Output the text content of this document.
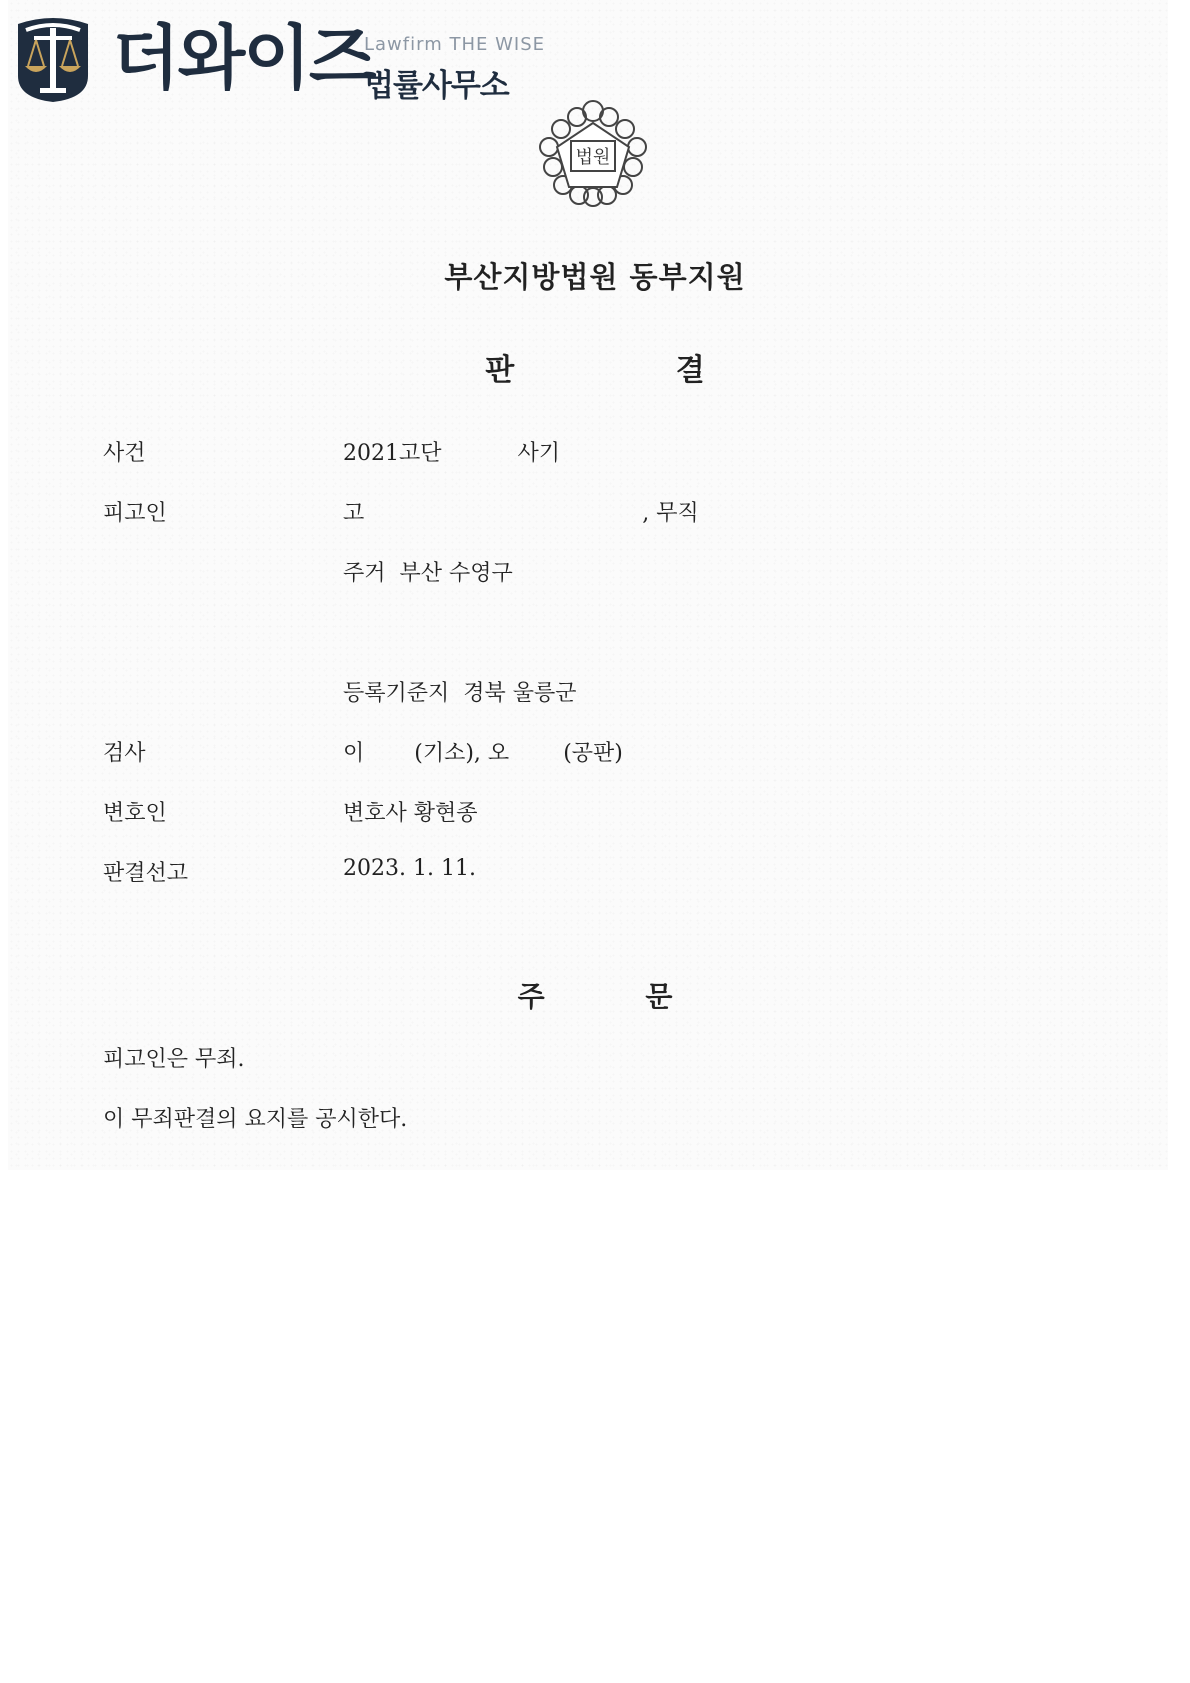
더와이즈
Lawfirm THE WISE
법률사무소
법원
부산지방법원 동부지원
판	결
사건	2021고단	사기
피고인	고	, 무직
주거  부산 수영구
등록기준지  경북 울릉군
검사	이 (기소), 오 (공판)
변호인	변호사 황현종
판결선고	2023. 1. 11.
주	문
피고인은 무죄.
이 무죄판결의 요지를 공시한다.
